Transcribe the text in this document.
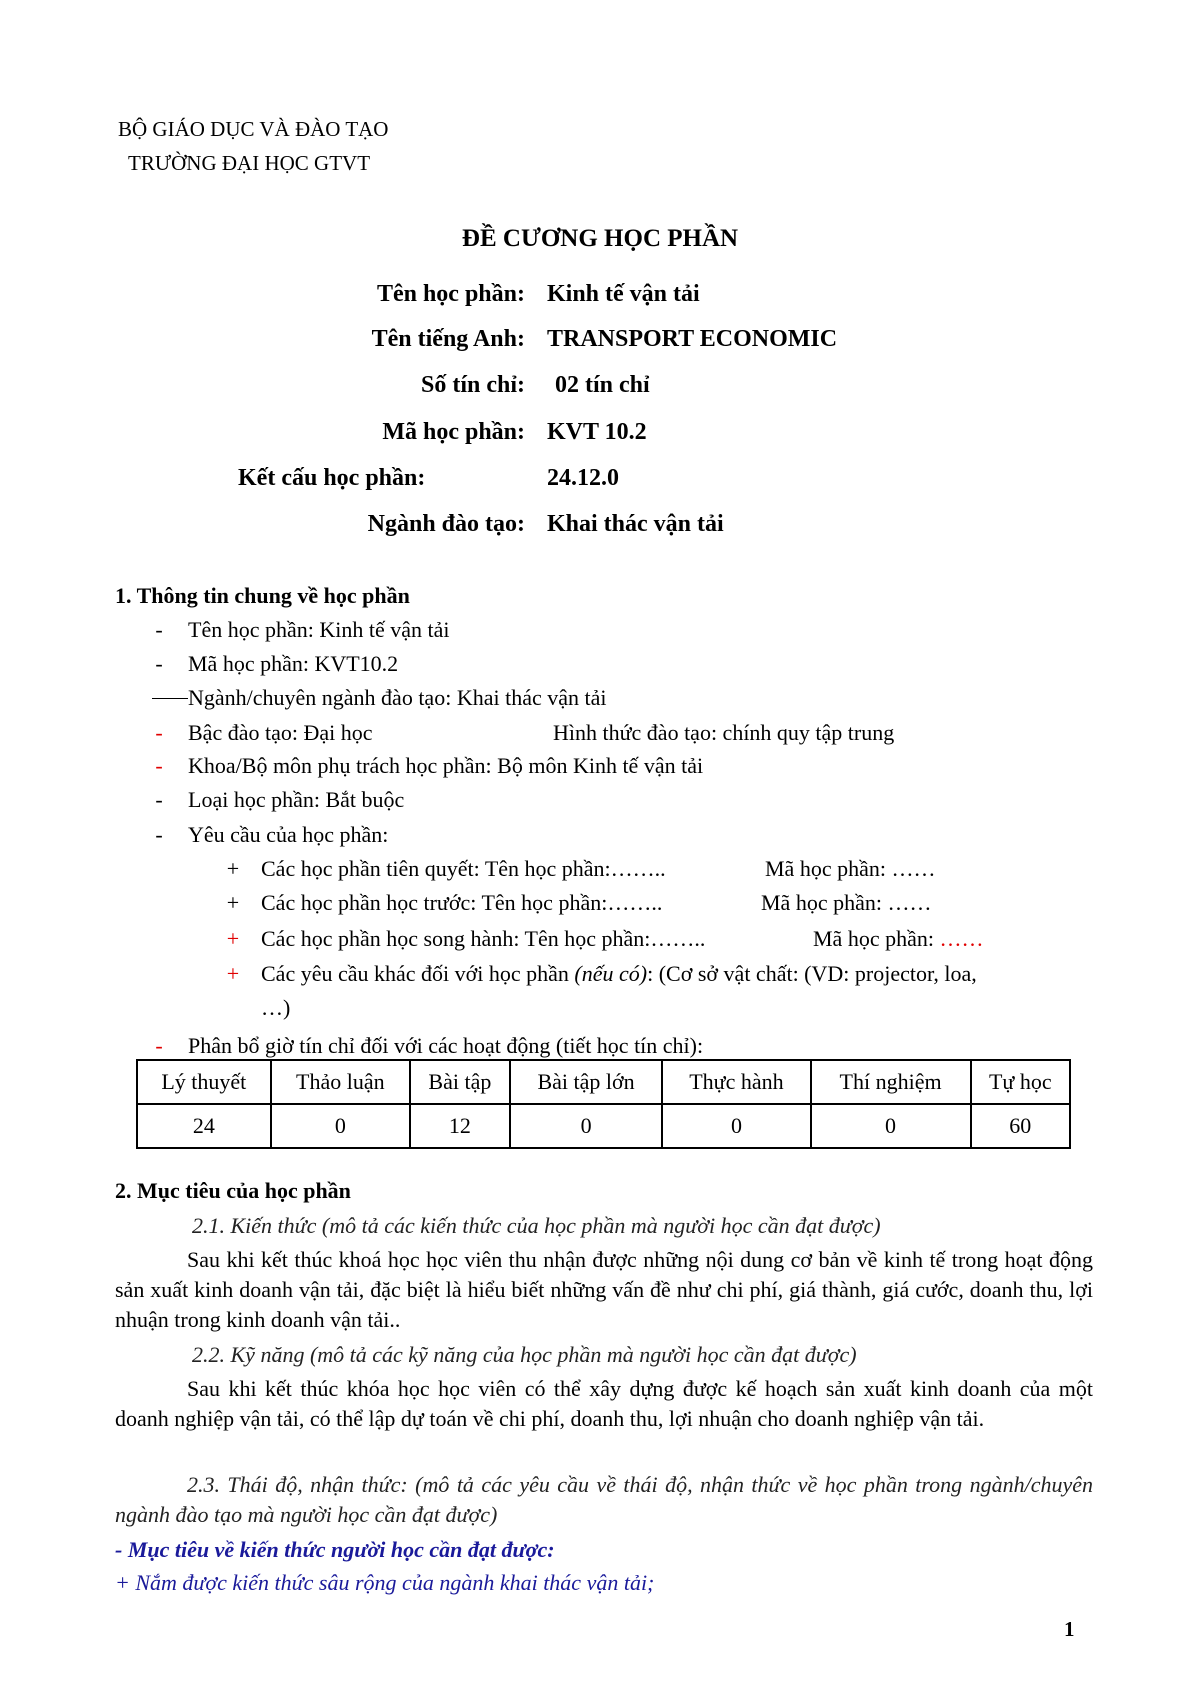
BỘ GIÁO DỤC VÀ ĐÀO TẠO
TRƯỜNG ĐẠI HỌC GTVT
ĐỀ CƯƠNG HỌC PHẦN
Tên học phần: Kinh tế vận tải
Tên tiếng Anh: TRANSPORT ECONOMIC
Số tín chỉ: 02 tín chỉ
Mã học phần: KVT 10.2
Kết cấu học phần:	24.12.0
Ngành đào tạo: Khai thác vận tải
1. Thông tin chung về học phần
- Tên học phần: Kinh tế vận tải
- Mã học phần: KVT10.2
Ngành/chuyên ngành đào tạo: Khai thác vận tải
- Bậc đào tạo: Đại học	Hình thức đào tạo: chính quy tập trung
- Khoa/Bộ môn phụ trách học phần: Bộ môn Kinh tế vận tải
- Loại học phần: Bắt buộc
- Yêu cầu của học phần:
+ Các học phần tiên quyết: Tên học phần:……..	Mã học phần: ……
+ Các học phần học trước: Tên học phần:……..	Mã học phần: ……
+ Các học phần học song hành: Tên học phần:……..	Mã học phần: ……
+ Các yêu cầu khác đối với học phần (nếu có): (Cơ sở vật chất: (VD: projector, loa,
…)
- Phân bổ giờ tín chỉ đối với các hoạt động (tiết học tín chỉ):
Lý thuyết	Thảo luận	Bài tập	Bài tập lớn	Thực hành	Thí nghiệm	Tự học
24	0	12	0	0	0	60
2. Mục tiêu của học phần
2.1. Kiến thức (mô tả các kiến thức của học phần mà người học cần đạt được)
Sau khi kết thúc khoá học học viên thu nhận được những nội dung cơ bản về kinh tế trong hoạt động sản xuất kinh doanh vận tải, đặc biệt là hiểu biết những vấn đề như chi phí, giá thành, giá cước, doanh thu, lợi nhuận trong kinh doanh vận tải..
2.2. Kỹ năng (mô tả các kỹ năng của học phần mà người học cần đạt được)
Sau khi kết thúc khóa học học viên có thể xây dựng được kế hoạch sản xuất kinh doanh của một doanh nghiệp vận tải, có thể lập dự toán về chi phí, doanh thu, lợi nhuận cho doanh nghiệp vận tải.
2.3. Thái độ, nhận thức: (mô tả các yêu cầu về thái độ, nhận thức về học phần trong ngành/chuyên ngành đào tạo mà người học cần đạt được)
- Mục tiêu về kiến thức người học cần đạt được:
+ Nắm được kiến thức sâu rộng của ngành khai thác vận tải;
1
